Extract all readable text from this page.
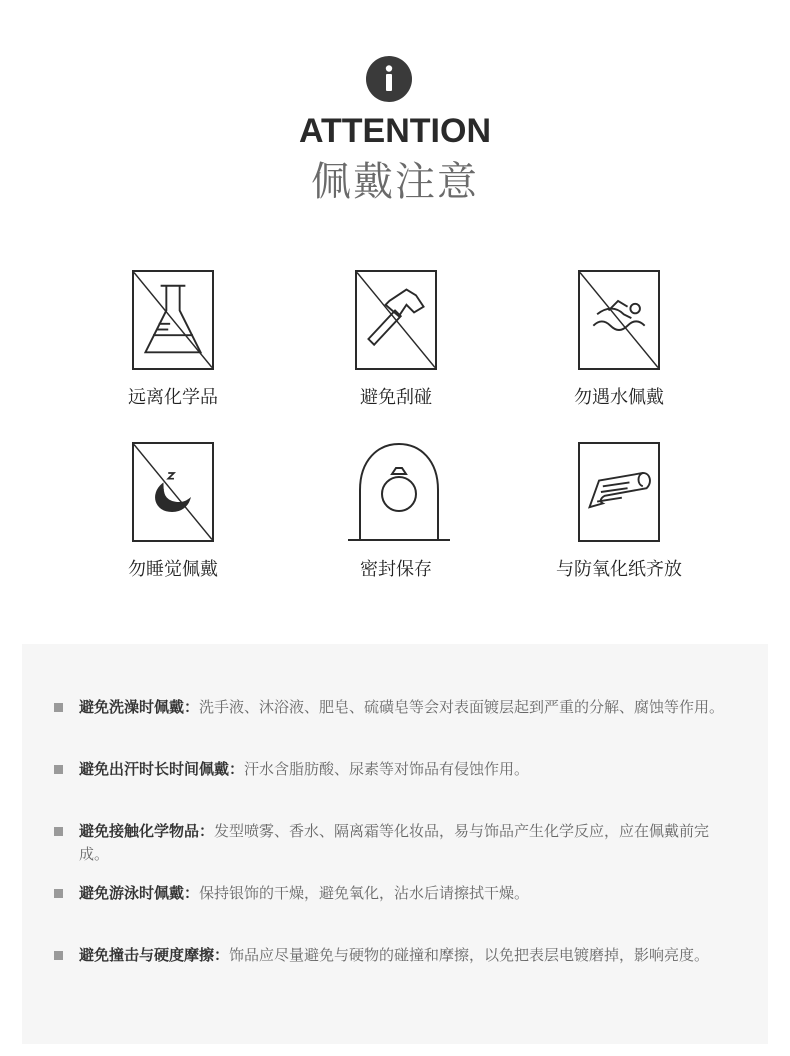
ATTENTION
佩戴注意
远离化学品	避免刮碰	勿遇水佩戴
勿睡觉佩戴	密封保存	与防氧化纸齐放
避免洗澡时佩戴：洗手液、沐浴液、肥皂、硫磺皂等会对表面镀层起到严重的分解、腐蚀等作用。
避免出汗时长时间佩戴：汗水含脂肪酸、尿素等对饰品有侵蚀作用。
避免接触化学物品：发型喷雾、香水、隔离霜等化妆品，易与饰品产生化学反应，应在佩戴前完成。
避免游泳时佩戴：保持银饰的干燥，避免氧化，沾水后请擦拭干燥。
避免撞击与硬度摩擦：饰品应尽量避免与硬物的碰撞和摩擦，以免把表层电镀磨掉，影响亮度。
